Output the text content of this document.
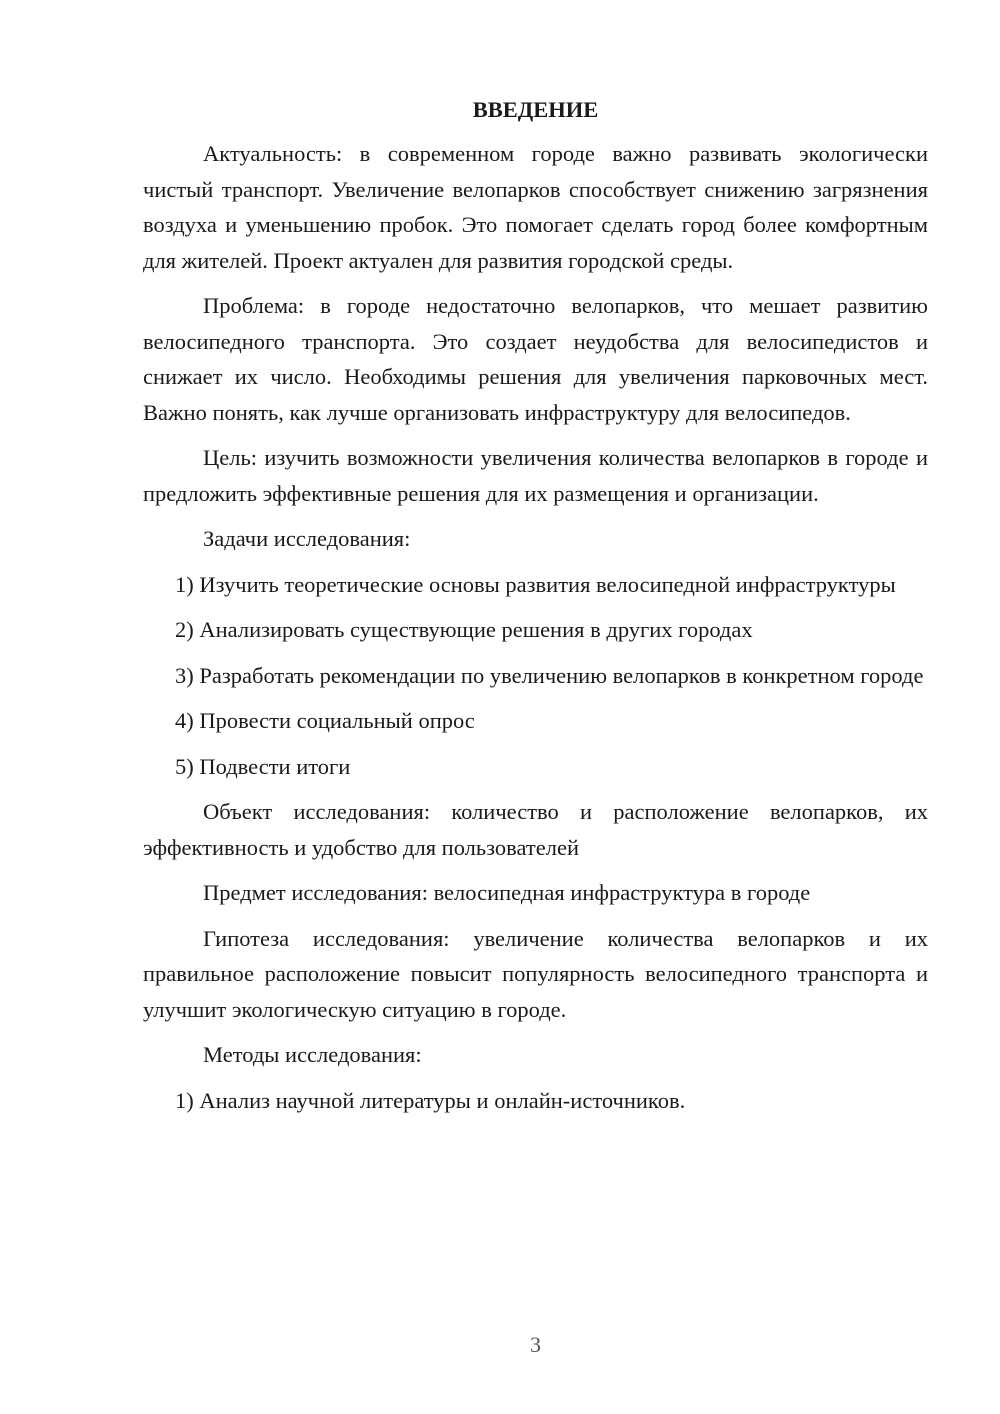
ВВЕДЕНИЕ

Актуальность: в современном городе важно развивать экологически чистый транспорт. Увеличение велопарков способствует снижению загрязнения воздуха и уменьшению пробок. Это помогает сделать город более комфортным для жителей. Проект актуален для развития городской среды.

Проблема: в городе недостаточно велопарков, что мешает развитию велосипедного транспорта. Это создает неудобства для велосипедистов и снижает их число. Необходимы решения для увеличения парковочных мест. Важно понять, как лучше организовать инфраструктуру для велосипедов.

Цель: изучить возможности увеличения количества велопарков в городе и предложить эффективные решения для их размещения и организации.

Задачи исследования:

1) Изучить теоретические основы развития велосипедной инфраструктуры

2) Анализировать существующие решения в других городах

3) Разработать рекомендации по увеличению велопарков в конкретном городе

4) Провести социальный опрос

5) Подвести итоги

Объект исследования: количество и расположение велопарков, их эффективность и удобство для пользователей

Предмет исследования: велосипедная инфраструктура в городе

Гипотеза исследования: увеличение количества велопарков и их правильное расположение повысит популярность велосипедного транспорта и улучшит экологическую ситуацию в городе.

Методы исследования:

1) Анализ научной литературы и онлайн-источников.

3
